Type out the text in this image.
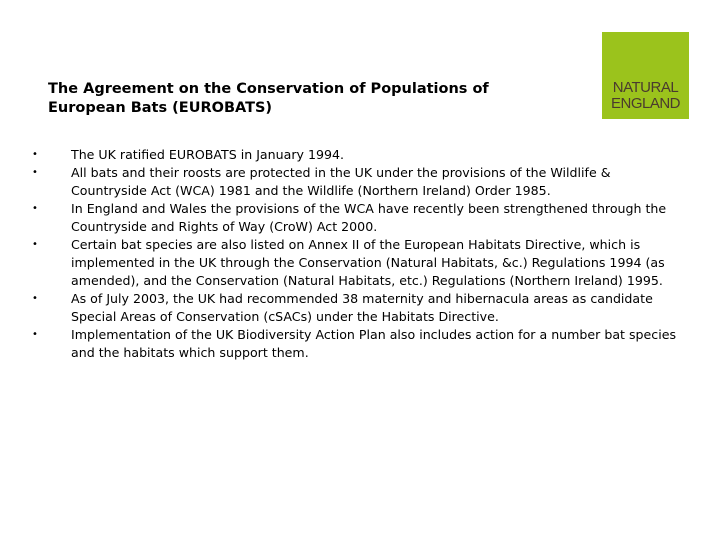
The Agreement on the Conservation of Populations of
European Bats (EUROBATS)
NATURAL
ENGLAND
•	The UK ratified EUROBATS in January 1994.
•	All bats and their roosts are protected in the UK under the provisions of the Wildlife & Countryside Act (WCA) 1981 and the Wildlife (Northern Ireland) Order 1985.
•	In England and Wales the provisions of the WCA have recently been strengthened through the Countryside and Rights of Way (CroW) Act 2000.
•	Certain bat species are also listed on Annex II of the European Habitats Directive, which is implemented in the UK through the Conservation (Natural Habitats, &c.) Regulations 1994 (as amended), and the Conservation (Natural Habitats, etc.) Regulations (Northern Ireland) 1995.
•	As of July 2003, the UK had recommended 38 maternity and hibernacula areas as candidate Special Areas of Conservation (cSACs) under the Habitats Directive.
•	Implementation of the UK Biodiversity Action Plan also includes action for a number bat species and the habitats which support them.
